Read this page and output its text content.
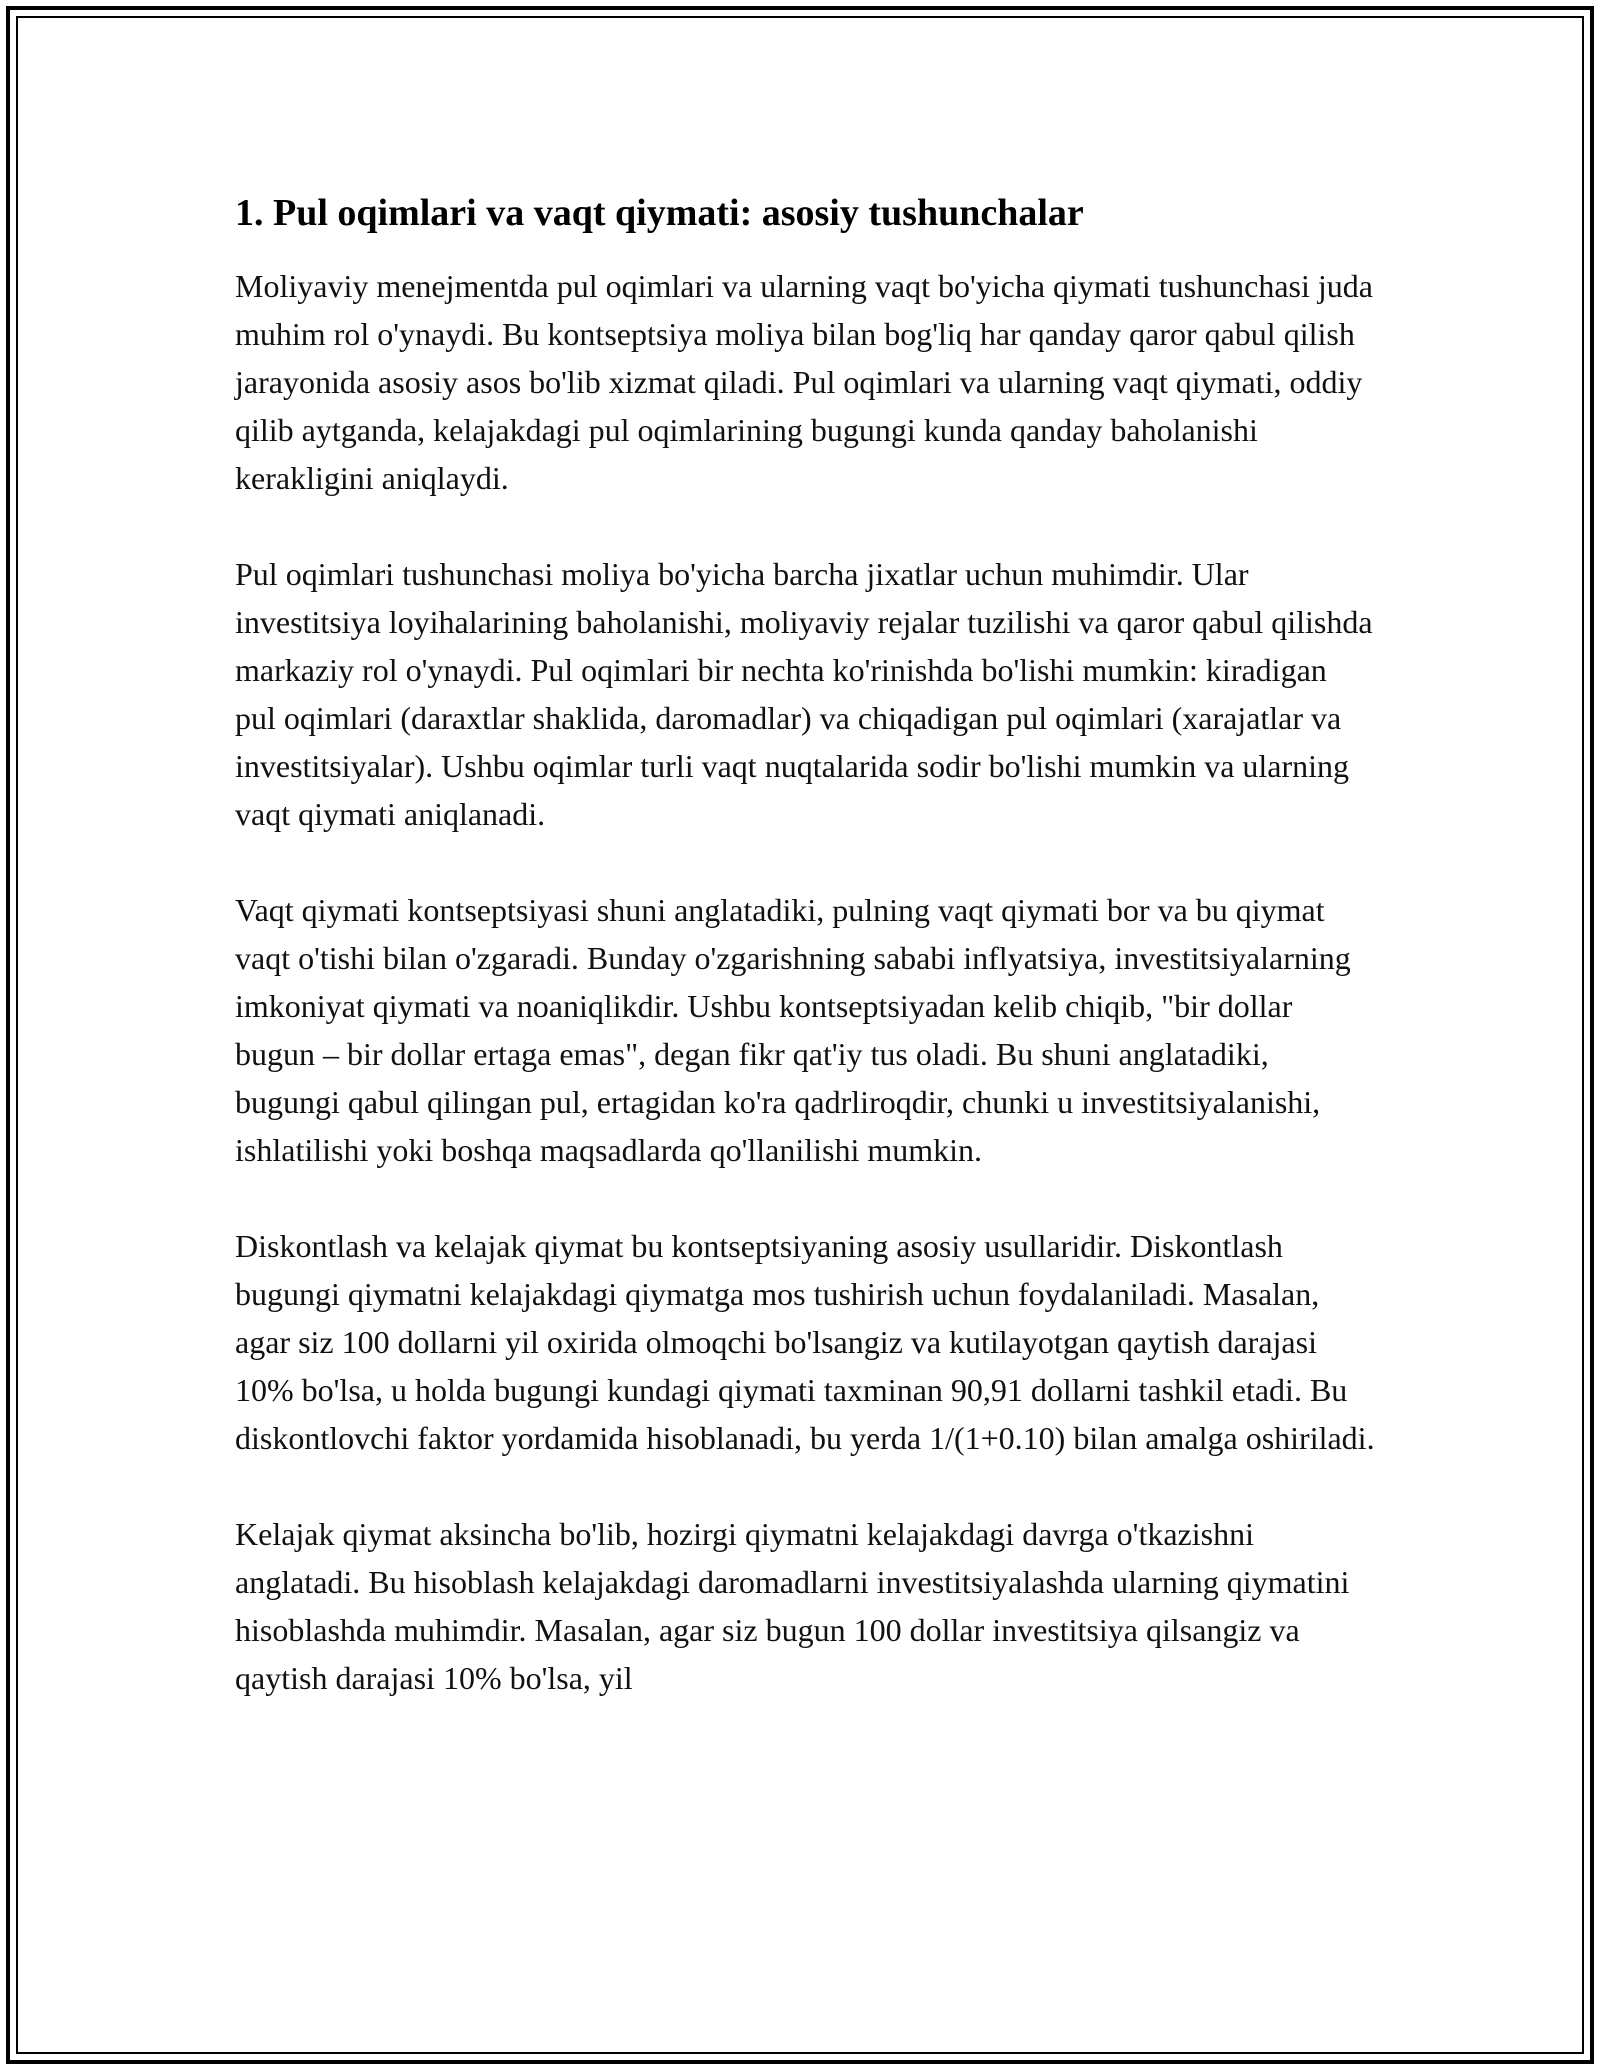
1. Pul oqimlari va vaqt qiymati: asosiy tushunchalar

Moliyaviy menejmentda pul oqimlari va ularning vaqt bo'yicha qiymati tushunchasi juda muhim rol o'ynaydi. Bu kontseptsiya moliya bilan bog'liq har qanday qaror qabul qilish jarayonida asosiy asos bo'lib xizmat qiladi. Pul oqimlari va ularning vaqt qiymati, oddiy qilib aytganda, kelajakdagi pul oqimlarining bugungi kunda qanday baholanishi kerakligini aniqlaydi.

Pul oqimlari tushunchasi moliya bo'yicha barcha jixatlar uchun muhimdir. Ular investitsiya loyihalarining baholanishi, moliyaviy rejalar tuzilishi va qaror qabul qilishda markaziy rol o'ynaydi. Pul oqimlari bir nechta ko'rinishda bo'lishi mumkin: kiradigan pul oqimlari (daraxtlar shaklida, daromadlar) va chiqadigan pul oqimlari (xarajatlar va investitsiyalar). Ushbu oqimlar turli vaqt nuqtalarida sodir bo'lishi mumkin va ularning vaqt qiymati aniqlanadi.

Vaqt qiymati kontseptsiyasi shuni anglatadiki, pulning vaqt qiymati bor va bu qiymat vaqt o'tishi bilan o'zgaradi. Bunday o'zgarishning sababi inflyatsiya, investitsiyalarning imkoniyat qiymati va noaniqlikdir. Ushbu kontseptsiyadan kelib chiqib, "bir dollar bugun – bir dollar ertaga emas", degan fikr qat'iy tus oladi. Bu shuni anglatadiki, bugungi qabul qilingan pul, ertagidan ko'ra qadrliroqdir, chunki u investitsiyalanishi, ishlatilishi yoki boshqa maqsadlarda qo'llanilishi mumkin.

Diskontlash va kelajak qiymat bu kontseptsiyaning asosiy usullaridir. Diskontlash bugungi qiymatni kelajakdagi qiymatga mos tushirish uchun foydalaniladi. Masalan, agar siz 100 dollarni yil oxirida olmoqchi bo'lsangiz va kutilayotgan qaytish darajasi 10% bo'lsa, u holda bugungi kundagi qiymati taxminan 90,91 dollarni tashkil etadi. Bu diskontlovchi faktor yordamida hisoblanadi, bu yerda 1/(1+0.10) bilan amalga oshiriladi.

Kelajak qiymat aksincha bo'lib, hozirgi qiymatni kelajakdagi davrga o'tkazishni anglatadi. Bu hisoblash kelajakdagi daromadlarni investitsiyalashda ularning qiymatini hisoblashda muhimdir. Masalan, agar siz bugun 100 dollar investitsiya qilsangiz va qaytish darajasi 10% bo'lsa, yil
